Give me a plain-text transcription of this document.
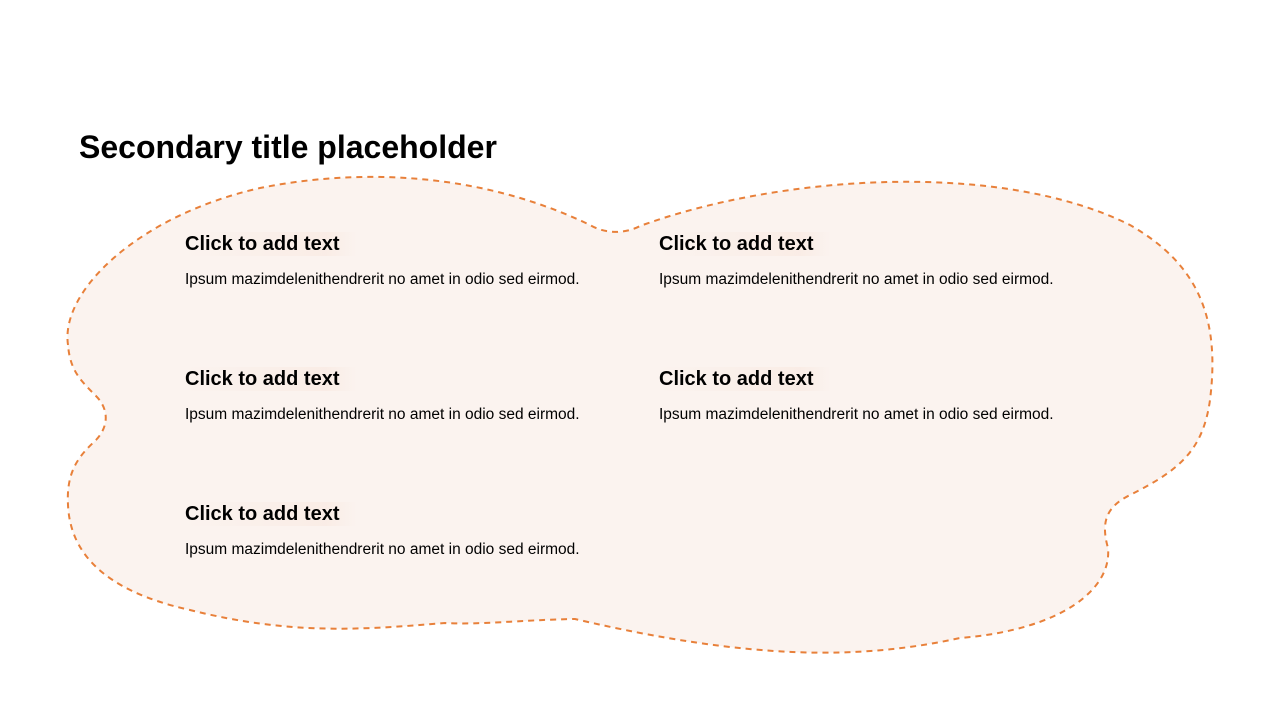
Secondary title placeholder
Click to add text
Ipsum mazimdelenithendrerit no amet in odio sed eirmod.
Click to add text
Ipsum mazimdelenithendrerit no amet in odio sed eirmod.
Click to add text
Ipsum mazimdelenithendrerit no amet in odio sed eirmod.
Click to add text
Ipsum mazimdelenithendrerit no amet in odio sed eirmod.
Click to add text
Ipsum mazimdelenithendrerit no amet in odio sed eirmod.
